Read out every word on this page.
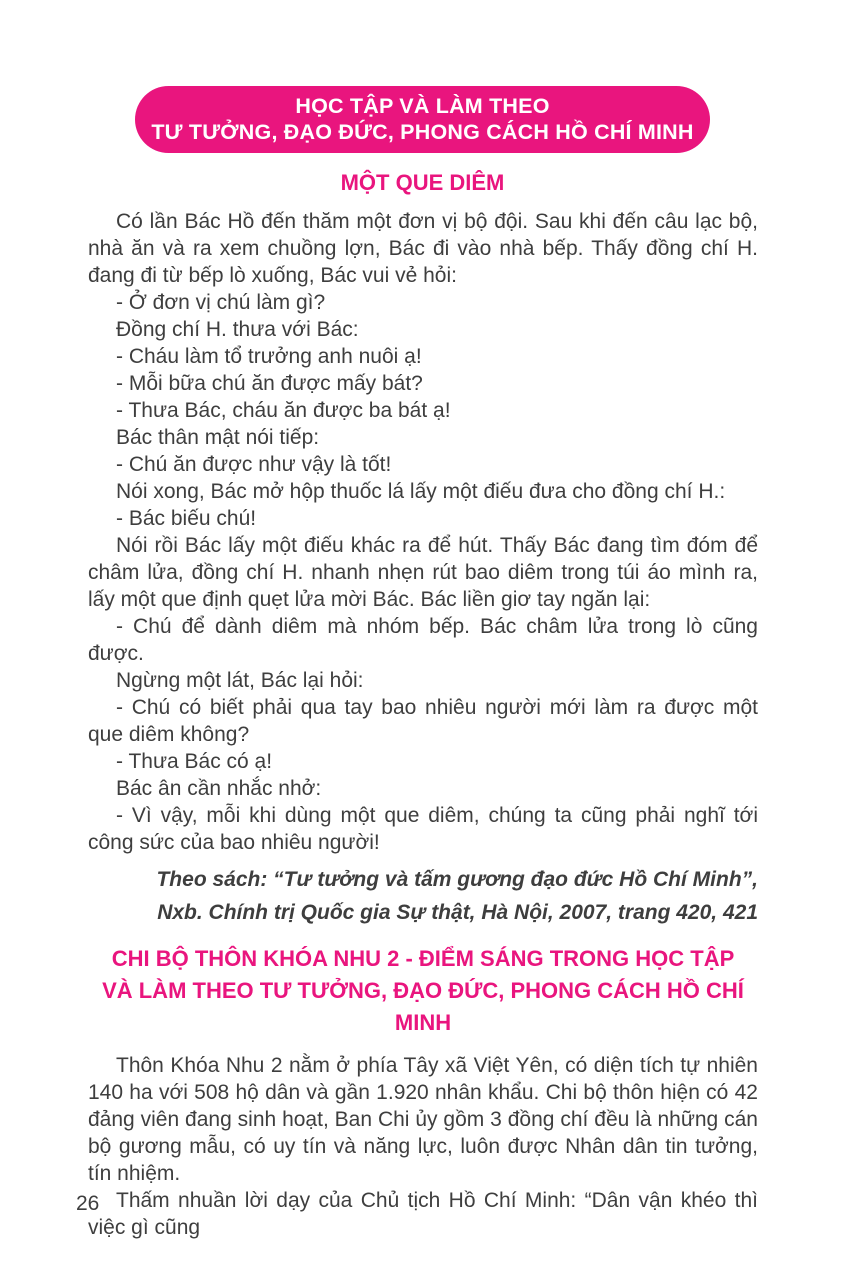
HỌC TẬP VÀ LÀM THEO
TƯ TƯỞNG, ĐẠO ĐỨC, PHONG CÁCH HỒ CHÍ MINH
MỘT QUE DIÊM

Có lần Bác Hồ đến thăm một đơn vị bộ đội. Sau khi đến câu lạc bộ, nhà ăn và ra xem chuồng lợn, Bác đi vào nhà bếp. Thấy đồng chí H. đang đi từ bếp lò xuống, Bác vui vẻ hỏi:

- Ở đơn vị chú làm gì?

Đồng chí H. thưa với Bác:

- Cháu làm tổ trưởng anh nuôi ạ!

- Mỗi bữa chú ăn được mấy bát?

- Thưa Bác, cháu ăn được ba bát ạ!

Bác thân mật nói tiếp:

- Chú ăn được như vậy là tốt!

Nói xong, Bác mở hộp thuốc lá lấy một điếu đưa cho đồng chí H.:

- Bác biếu chú!

Nói rồi Bác lấy một điếu khác ra để hút. Thấy Bác đang tìm đóm để châm lửa, đồng chí H. nhanh nhẹn rút bao diêm trong túi áo mình ra, lấy một que định quẹt lửa mời Bác. Bác liền giơ tay ngăn lại:

- Chú để dành diêm mà nhóm bếp. Bác châm lửa trong lò cũng được.

Ngừng một lát, Bác lại hỏi:

- Chú có biết phải qua tay bao nhiêu người mới làm ra được một que diêm không?

- Thưa Bác có ạ!

Bác ân cần nhắc nhở:

- Vì vậy, mỗi khi dùng một que diêm, chúng ta cũng phải nghĩ tới công sức của bao nhiêu người!

Theo sách: “Tư tưởng và tấm gương đạo đức Hồ Chí Minh”,
Nxb. Chính trị Quốc gia Sự thật, Hà Nội, 2007, trang 420, 421
CHI BỘ THÔN KHÓA NHU 2 - ĐIỂM SÁNG TRONG HỌC TẬP
VÀ LÀM THEO TƯ TƯỞNG, ĐẠO ĐỨC, PHONG CÁCH HỒ CHÍ MINH

Thôn Khóa Nhu 2 nằm ở phía Tây xã Việt Yên, có diện tích tự nhiên 140 ha với 508 hộ dân và gần 1.920 nhân khẩu. Chi bộ thôn hiện có 42 đảng viên đang sinh hoạt, Ban Chi ủy gồm 3 đồng chí đều là những cán bộ gương mẫu, có uy tín và năng lực, luôn được Nhân dân tin tưởng, tín nhiệm.

Thấm nhuần lời dạy của Chủ tịch Hồ Chí Minh: “Dân vận khéo thì việc gì cũng

26
